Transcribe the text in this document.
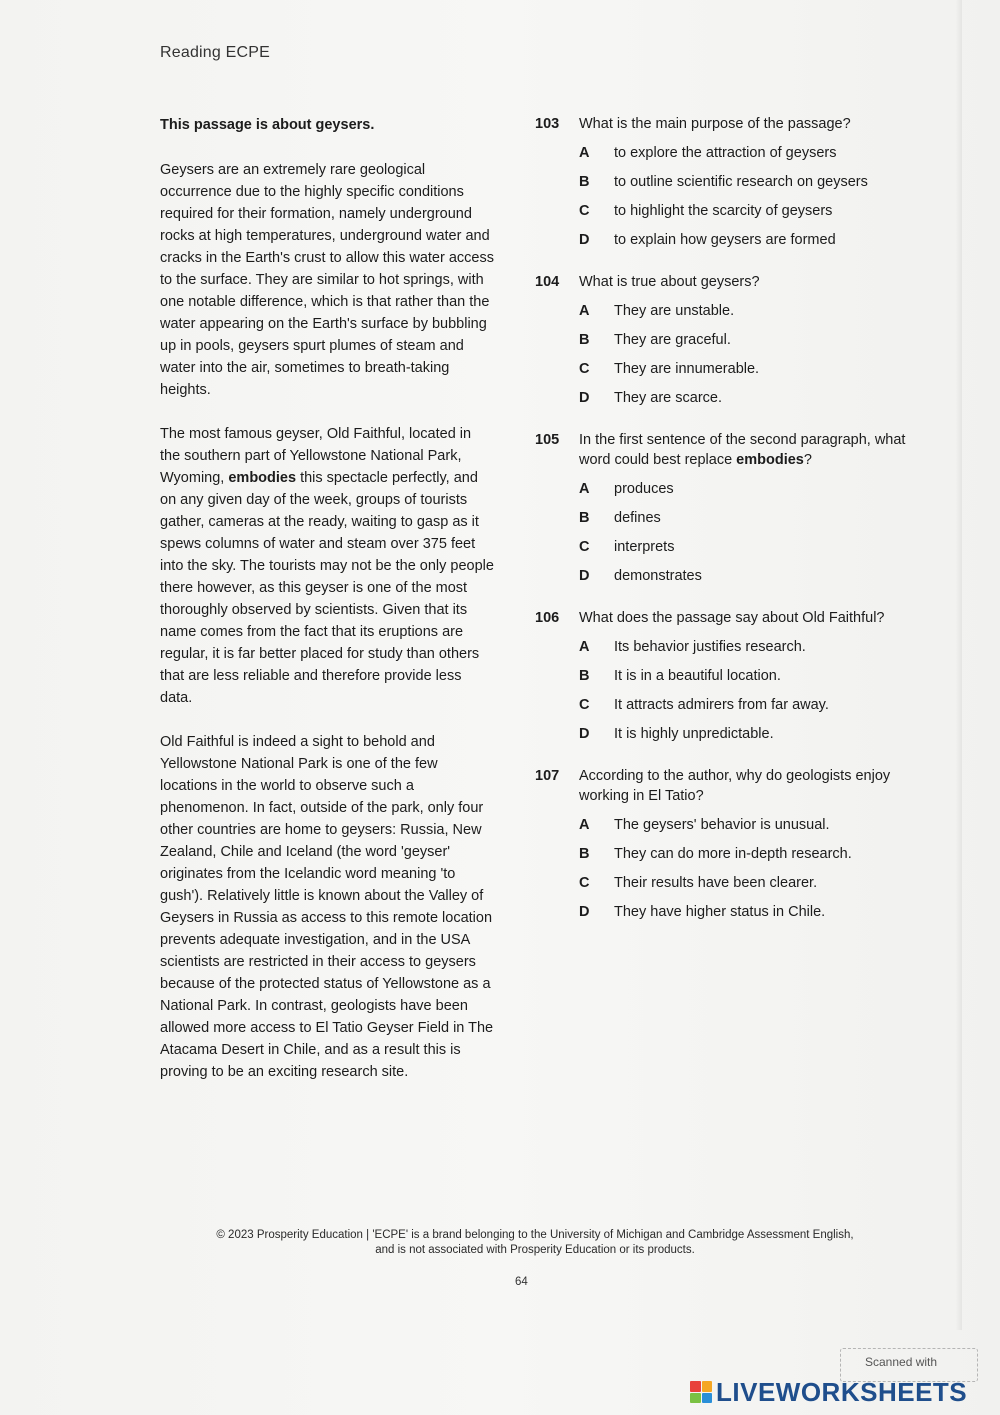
Reading ECPE
This passage is about geysers.

Geysers are an extremely rare geological occurrence due to the highly specific conditions required for their formation, namely underground rocks at high temperatures, underground water and cracks in the Earth's crust to allow this water access to the surface. They are similar to hot springs, with one notable difference, which is that rather than the water appearing on the Earth's surface by bubbling up in pools, geysers spurt plumes of steam and water into the air, sometimes to breath-taking heights.

The most famous geyser, Old Faithful, located in the southern part of Yellowstone National Park, Wyoming, embodies this spectacle perfectly, and on any given day of the week, groups of tourists gather, cameras at the ready, waiting to gasp as it spews columns of water and steam over 375 feet into the sky. The tourists may not be the only people there however, as this geyser is one of the most thoroughly observed by scientists. Given that its name comes from the fact that its eruptions are regular, it is far better placed for study than others that are less reliable and therefore provide less data.

Old Faithful is indeed a sight to behold and Yellowstone National Park is one of the few locations in the world to observe such a phenomenon. In fact, outside of the park, only four other countries are home to geysers: Russia, New Zealand, Chile and Iceland (the word 'geyser' originates from the Icelandic word meaning 'to gush'). Relatively little is known about the Valley of Geysers in Russia as access to this remote location prevents adequate investigation, and in the USA scientists are restricted in their access to geysers because of the protected status of Yellowstone as a National Park. In contrast, geologists have been allowed more access to El Tatio Geyser Field in The Atacama Desert in Chile, and as a result this is proving to be an exciting research site.

103	What is the main purpose of the passage?
A	to explore the attraction of geysers
B	to outline scientific research on geysers
C	to highlight the scarcity of geysers
D	to explain how geysers are formed
104	What is true about geysers?
A	They are unstable.
B	They are graceful.
C	They are innumerable.
D	They are scarce.
105	In the first sentence of the second paragraph, what word could best replace embodies?
A	produces
B	defines
C	interprets
D	demonstrates
106	What does the passage say about Old Faithful?
A	Its behavior justifies research.
B	It is in a beautiful location.
C	It attracts admirers from far away.
D	It is highly unpredictable.
107	According to the author, why do geologists enjoy working in El Tatio?
A	The geysers' behavior is unusual.
B	They can do more in-depth research.
C	Their results have been clearer.
D	They have higher status in Chile.
© 2023 Prosperity Education | 'ECPE' is a brand belonging to the University of Michigan and Cambridge Assessment English,
and is not associated with Prosperity Education or its products.
64
Scanned with
LIVEWORKSHEETS
